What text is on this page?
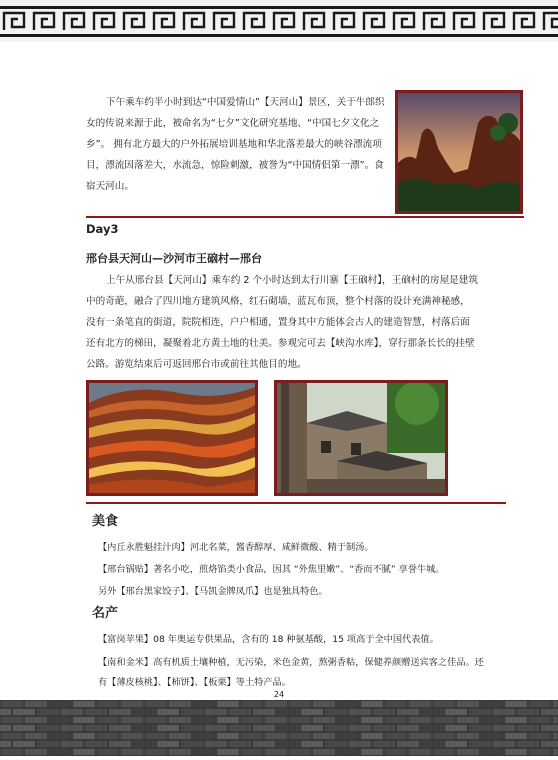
下午乘车约半小时到达“中国爱情山”【天河山】景区，关于牛郎织女的传说来源于此，被命名为“七夕”文化研究基地、“中国七夕文化之乡”。 拥有北方最大的户外拓展培训基地和华北落差最大的峡谷漂流项目，漂流因落差大，水流急，惊险刺激，被誉为“中国情侣第一漂”。食宿天河山。

Day3
邢台县天河山—沙河市王硇村—邢台

上午从邢台县【天河山】乘车约 2 个小时达到太行川寨【王硇村】，王硇村的房屋是建筑中的奇葩，融合了四川地方建筑风格，红石砌墙，蓝瓦布顶，整个村落的设计充满神秘感，没有一条笔直的街道，院院相连，户户相通，置身其中方能体会古人的建造智慧，村落后面还有北方的梯田，凝聚着北方黄土地的壮美。参观完可去【峡沟水库】，穿行那条长长的挂壁公路。游览结束后可返回邢台市或前往其他目的地。

美食

【内丘永胜魁挂汁肉】河北名菜，酱香醇厚、咸鲜微酸、精于制汤。

【邢台锅贴】著名小吃，煎烙馅类小食品，因其 “外焦里嫩”、“香而不腻” 享誉牛城。

另外【邢台黑家饺子】、【马凯金牌凤爪】也是独具特色。

名产

【富岗苹果】08 年奥运专供果品，含有的 18 种氨基酸，15 项高于全中国代表值。

【南和金米】高有机质土壤种植，无污染，米色金黄，熬粥香粘，保健养颜赠送宾客之佳品。还有【薄皮核桃】、【柿饼】、【板栗】等土特产品。

24
